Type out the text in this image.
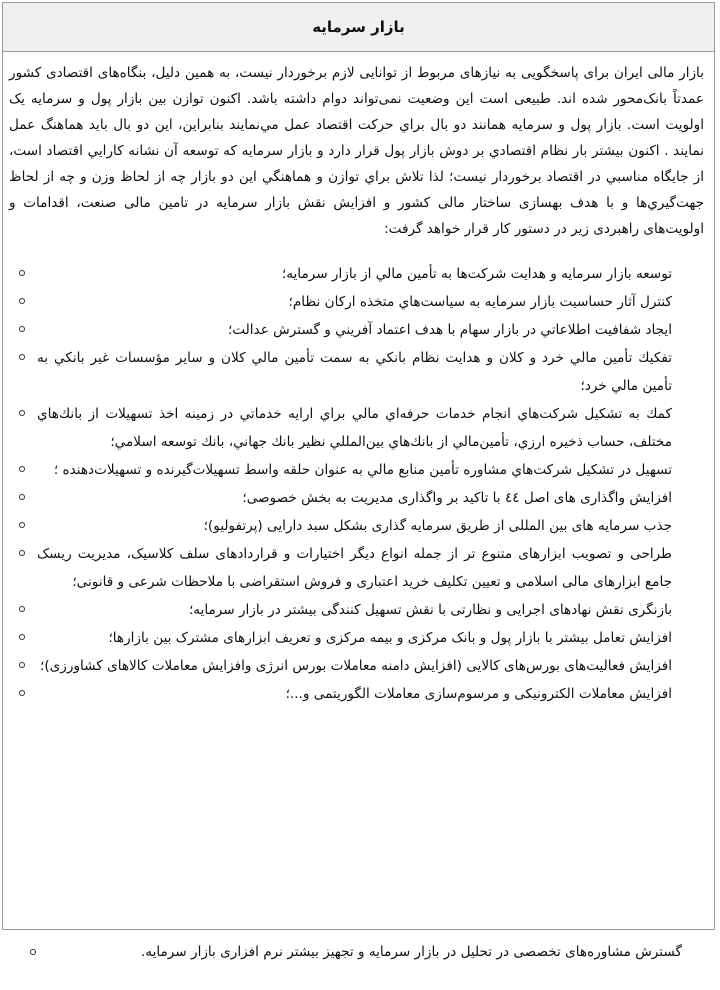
بازار سرمایه

بازار مالی ایران برای پاسخگویی به نیازهای مربوط از توانایی لازم برخوردار نیست، به همین دلیل، بنگاه‌های اقتصادی کشور عمدتاً بانک‌محور شده اند. طبیعی است این وضعیت نمی‌تواند دوام داشته باشد. اکنون توازن بین بازار پول و سرمایه یک اولویت است. بازار پول و سرمایه همانند دو بال براي حرکت اقتصاد عمل مي‌نمايند بنابراين، اين دو بال بايد هماهنگ عمل نمايند . اكنون بيشتر بار نظام اقتصادي بر دوش بازار پول قرار دارد و بازار سرمايه که توسعه آن نشانه کارايي اقتصاد است، از جايگاه مناسبي در اقتصاد برخوردار نيست؛ لذا تلاش براي توازن و هماهنگي اين دو بازار چه از لحاظ وزن و چه از لحاظ جهت‌گيري‌ها و با هدف بهسازی ساختار مالی کشور و افزایش نقش بازار سرمایه در تامین مالی صنعت، اقدامات و اولویت‌های راهبردی زیر در دستور کار قرار خواهد گرفت:

توسعه بازار سرمايه و هدايت شركت‌ها به تأمين مالي از بازار سرمايه؛
كنترل آثار حساسيت بازار سرمايه به سياست‌هاي متخذه اركان نظام؛
ايجاد شفافيت اطلاعاتي در بازار سهام با هدف اعتماد آفريني و گسترش عدالت؛
تفكيك تأمين مالي خرد و كلان و هدايت نظام بانكي به سمت تأمين مالي كلان و ساير مؤسسات غير بانكي به تأمين مالي خرد؛
كمك به تشكيل شركت‌هاي انجام خدمات حرفه‌اي مالي براي ارايه خدماتي در زمينه اخذ تسهيلات از بانك‌هاي مختلف، حساب ذخيره ارزي، تأمين‌مالي از بانك‌هاي بين‌المللي نظير بانك جهاني، بانك توسعه اسلامي؛
تسهيل در تشكيل شركت‌هاي مشاوره تأمين منابع مالي به عنوان حلقه واسط تسهيلات‌گيرنده و تسهيلات‌دهنده ؛
افزایش واگذاری های اصل ٤٤ با تاکید بر واگذاری مدیریت به بخش خصوصی؛
جذب سرمایه های بین المللی از طریق سرمایه گذاری بشکل سبد دارایی (پرتفولیو)؛
طراحی و تصویب ابزارهای متنوع تر از جمله انواع دیگر اختیارات و قراردادهای سلف کلاسیک، مدیریت ریسک جامع ابزارهای مالی اسلامی و تعیین تکلیف خرید اعتباری و فروش استقراضی با ملاحظات شرعی و قانونی؛
بازنگری نقش نهادهای اجرایی و نظارتی با نقش تسهیل کنندگی بیشتر در بازار سرمایه؛
افزایش تعامل بیشتر با بازار پول و بانک مرکزی و بیمه مرکزی و تعریف ابزارهای مشترک بین بازارها؛
افزایش فعالیت‌های بورس‌های کالایی (افزایش دامنه معاملات بورس انرژی وافزایش معاملات کالاهای کشاورزی)؛
افزایش معاملات الکترونیکی و مرسوم‌سازی معاملات الگوریتمی و...؛
گسترش مشاوره‌های تخصصی در تحلیل در بازار سرمایه و تجهیز بیشتر نرم افزاری بازار سرمایه.
